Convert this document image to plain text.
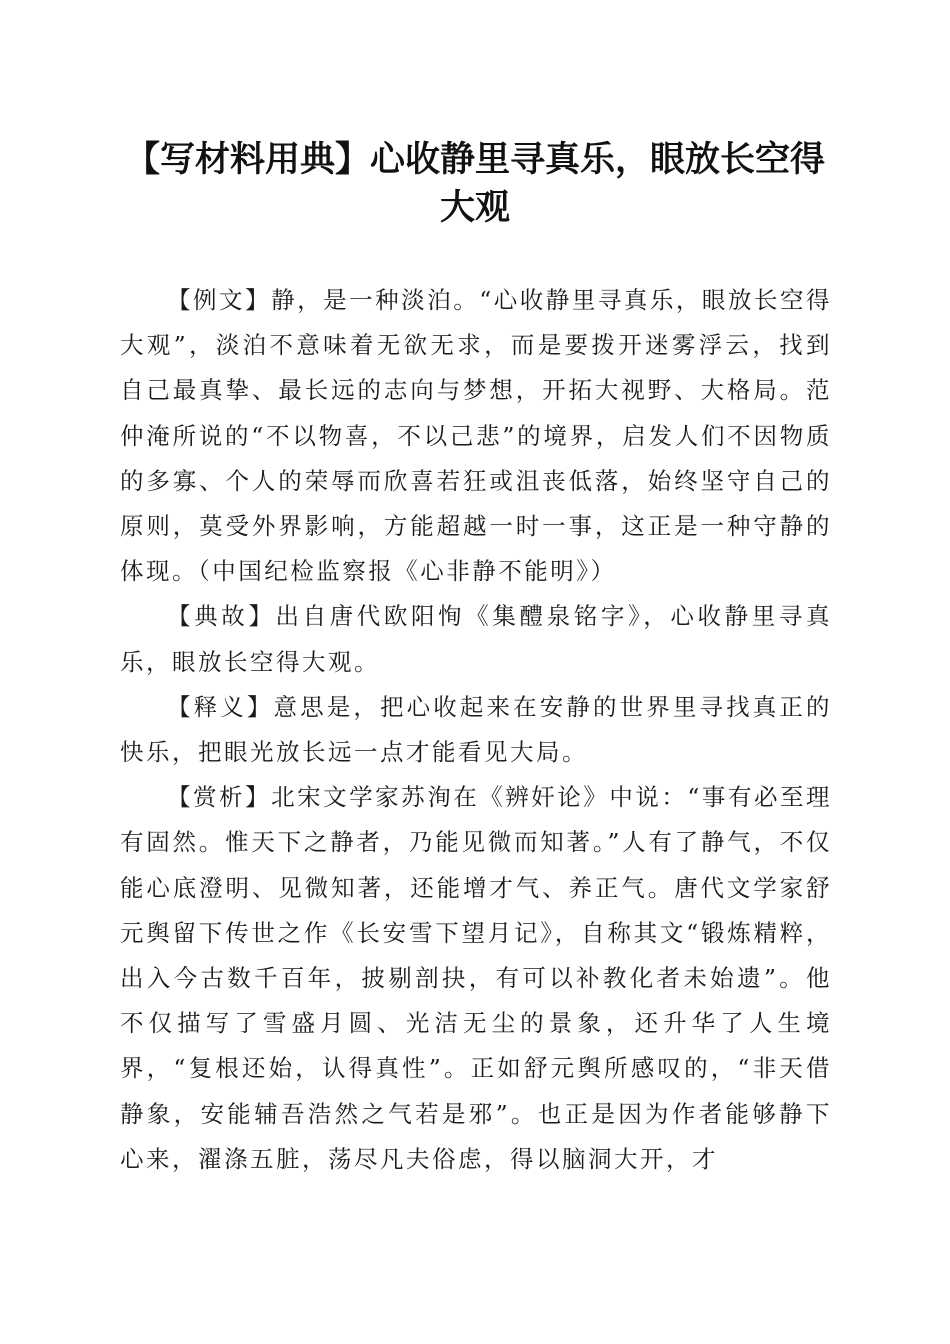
【写材料用典】心收静里寻真乐，眼放长空得大观

【例文】静，是一种淡泊。“心收静里寻真乐，眼放长空得大观”，淡泊不意味着无欲无求，而是要拨开迷雾浮云，找到自己最真挚、最长远的志向与梦想，开拓大视野、大格局。范仲淹所说的“不以物喜，不以己悲”的境界，启发人们不因物质的多寡、个人的荣辱而欣喜若狂或沮丧低落，始终坚守自己的原则，莫受外界影响，方能超越一时一事，这正是一种守静的体现。（中国纪检监察报《心非静不能明》）

【典故】出自唐代欧阳恂《集醴泉铭字》，心收静里寻真乐，眼放长空得大观。

【释义】意思是，把心收起来在安静的世界里寻找真正的快乐，把眼光放长远一点才能看见大局。

【赏析】北宋文学家苏洵在《辨奸论》中说：“事有必至理有固然。惟天下之静者，乃能见微而知著。”人有了静气，不仅能心底澄明、见微知著，还能增才气、养正气。唐代文学家舒元舆留下传世之作《长安雪下望月记》，自称其文“锻炼精粹，出入今古数千百年，披剔剖抉，有可以补教化者未始遗”。他不仅描写了雪盛月圆、光洁无尘的景象，还升华了人生境界，“复根还始，认得真性”。正如舒元舆所感叹的，“非天借静象，安能辅吾浩然之气若是邪”。也正是因为作者能够静下心来，濯涤五脏，荡尽凡夫俗虑，得以脑洞大开，才
